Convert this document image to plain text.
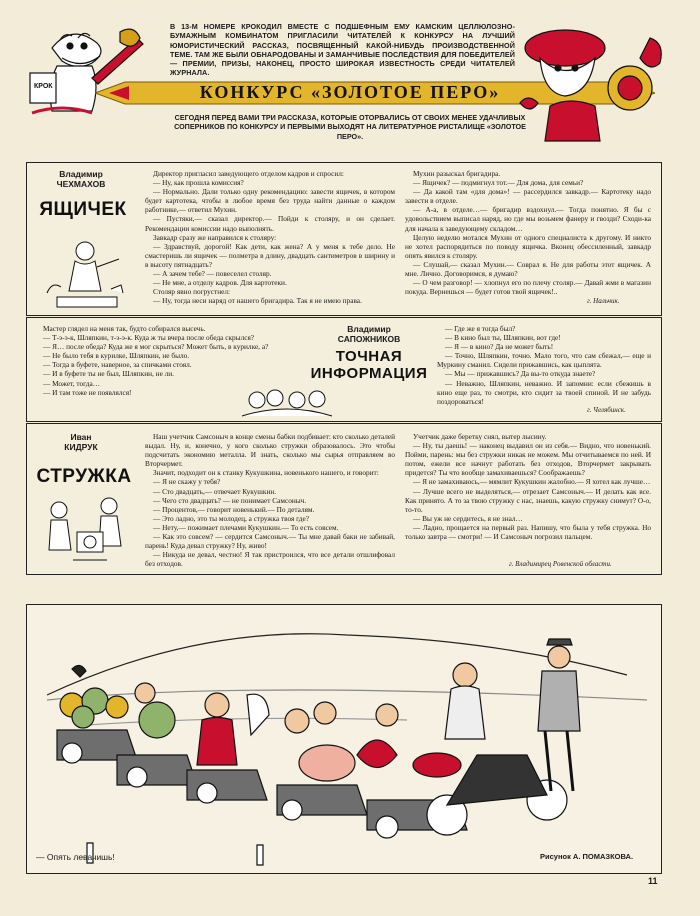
КРОК
В 13-М НОМЕРЕ КРОКОДИЛ ВМЕСТЕ С ПОДШЕФНЫМ ЕМУ КАМСКИМ ЦЕЛЛЮЛОЗНО-БУМАЖНЫМ КОМБИНАТОМ ПРИГЛАСИЛИ ЧИТАТЕЛЕЙ К КОНКУРСУ НА ЛУЧШИЙ ЮМОРИСТИЧЕСКИЙ РАССКАЗ, ПОСВЯЩЕННЫЙ КАКОЙ-НИБУДЬ ПРОИЗВОДСТВЕННОЙ ТЕМЕ. ТАМ ЖЕ БЫЛИ ОБНАРОДОВАНЫ И ЗАМАНЧИВЫЕ ПОСЛЕДСТВИЯ ДЛЯ ПОБЕДИТЕЛЕЙ — ПРЕМИИ, ПРИЗЫ, НАКОНЕЦ, ПРОСТО ШИРОКАЯ ИЗВЕСТНОСТЬ СРЕДИ ЧИТАТЕЛЕЙ ЖУРНАЛА.
КОНКУРС «ЗОЛОТОЕ ПЕРО»
СЕГОДНЯ ПЕРЕД ВАМИ ТРИ РАССКАЗА, КОТОРЫЕ ОТОРВАЛИСЬ ОТ СВОИХ МЕНЕЕ УДАЧЛИВЫХ СОПЕРНИКОВ ПО КОНКУРСУ И ПЕРВЫМИ ВЫХОДЯТ НА ЛИТЕРАТУРНОЕ РИСТАЛИЩЕ «ЗОЛОТОЕ ПЕРО».
Владимир
ЧЕХМАХОВ
ЯЩИЧЕК

Директор пригласил заведующего отделом кадров и спросил:

— Ну, как прошла комиссия?

— Нормально. Дали только одну рекомендацию: завести ящичек, в котором будет картотека, чтобы в любое время без труда найти данные о каждом работнике,— ответил Мухин.

— Пустяки,— сказал директор.— Пойди к столяру, и он сделает. Рекомендации комиссии надо выполнять.

Завкадр сразу же направился к столяру:

— Здравствуй, дорогой! Как дети, как жена? А у меня к тебе дело. Не смастеришь ли ящичек — полметра в длину, двадцать сантиметров в ширину и в высоту пятнадцать?

— А зачем тебе? — повеселел столяр.

— Не мне, а отделу кадров. Для картотеки.

Столяр явно погрустнел:

— Ну, тогда неси наряд от нашего бригадира. Так я не имею права.

Мухин разыскал бригадира.

— Ящичек? — подмигнул тот.— Для дома, для семьи?

— Да какой там «для дома»! — рассердился завкадр.— Картотеку надо завести в отделе.

— А-а, в отделе…— бригадир вздохнул.— Тогда понятно. Я бы с удовольствием выписал наряд, но где мы возьмем фанеру и гвозди? Сходи-ка для начала к заведующему складом…

Целую неделю мотался Мухин от одного специалиста к другому. И никто не хотел распорядиться по поводу ящичка. Вконец обессиленный, завкадр опять явился к столяру.

— Слушай,— сказал Мухин.— Соврал я. Не для работы этот ящичек. А мне. Лично. Договоримся, я думаю?

— О чем разговор! — хлопнул его по плечу столяр.— Давай жми в магазин покуда. Вернешься — будет готов твой ящичек!..

г. Нальчик.

Мастер глядел на меня так, будто собирался высечь.

— Т-э-э-к, Шляпкин, т-э-э-к. Куда ж ты вчера после обеда скрылся?

— Я… после обеда? Куда же я мог скрыться? Может быть, в курилке, а?

— Не было тебя в курилке, Шляпкин, не было.

— Тогда в буфете, наверное, за спичками стоял.

— И в буфете ты не был, Шляпкин, не ли.

— Может, тогда…

— И там тоже не появлялся!

Владимир
САПОЖНИКОВ
ТОЧНАЯ
ИНФОРМАЦИЯ

— Где же я тогда был?

— В кино был ты, Шляпкин, вот где!

— Я — в кино? Да не может быть!

— Точно, Шляпкин, точно. Мало того, что сам сбежал,— еще и Муркину сманил. Сидели прижавшись, как цыплята.

— Мы — прижавшись? Да вы-то откуда знаете?

— Неважно, Шляпкин, неважно. И запомни: если сбежишь в кино еще раз, то смотри, кто сидит за твоей спиной. И не забудь поздороваться!

г. Челябинск.
Иван
КИДРУК
СТРУЖКА

Наш учетчик Самсоныч в конце смены бабки подбивает: кто сколько деталей выдал. Ну, и, конечно, у кого сколько стружки образовалось. Это чтобы подсчитать экономию металла. И знать, сколько мы сырья отправляем во Вторчермет.

Значит, подходит он к станку Кукушкина, новенького нашего, и говорит:

— Я не скажу у тебя?

— Сто двадцать,— отвечает Кукушкин.

— Чего сто двадцать? — не понимает Самсоныч.

— Процентов,— говорит новенький.— По деталям.

— Это ладно, это ты молодец, а стружка твоя где?

— Нету,— пожимает плечами Кукушкин.— То есть совсем.

— Как это совсем? — сердится Самсоныч.— Ты мне давай баки не забивай, парень! Куда девал стружку? Ну, живо!

— Никуда не девал, честно! Я так пристроился, что все детали отшлифовал без отходов.

Учетчик даже беретку снял, вытер лысину.

— Ну, ты даешь! — наконец выдавил он из себя.— Видно, что новенький. Пойми, парень: мы без стружки никак не можем. Мы отчитываемся по ней. И потом, ежели все начнут работать без отходов, Вторчермет закрывать придется? Ты что вообще замахиваешься? Соображаешь?

— Я не замахиваюсь,— мямлит Кукушкин жалобно.— Я хотел как лучше…

— Лучше всего не выделяться,— отрезает Самсоныч.— И делать как все. Как принято. А то за твою стружку с нас, знаешь, какую стружку снимут? О-о, то-то.

— Вы уж не сердитесь, я не знал…

— Ладно, прощается на первый раз. Напишу, что была у тебя стружка. Но только завтра — смотри! — И Самсоныч погрозил пальцем.

г. Владимирец Ровенской области.
— Опять левачишь!	Рисунок А. ПОМАЗКОВА.
11
